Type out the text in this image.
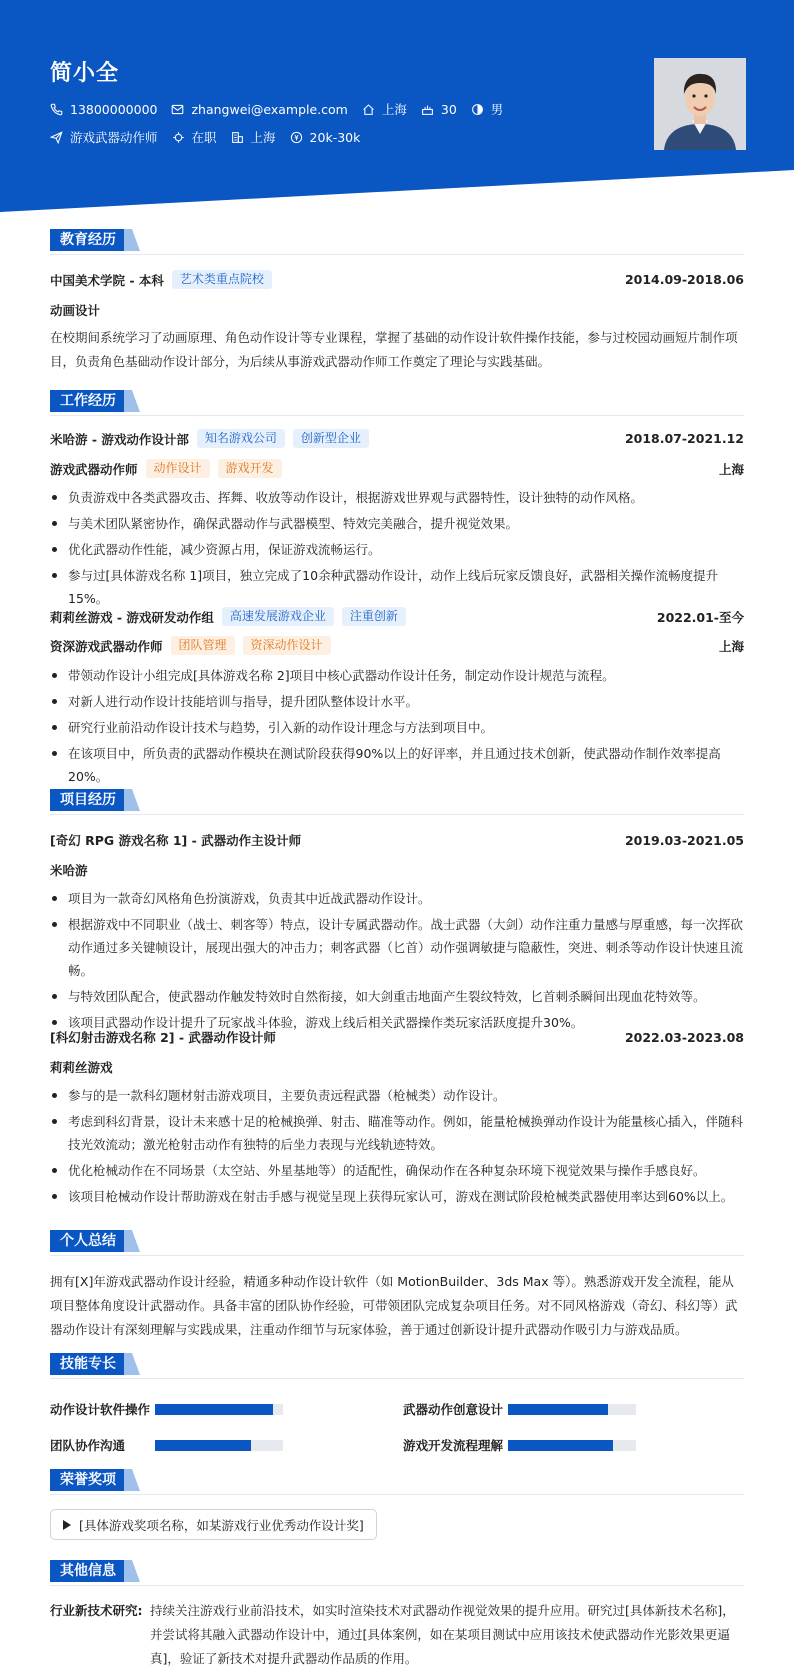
简小全
13800000000	zhangwei@example.com	上海	30	男
游戏武器动作师	在职	上海	20k-30k
教育经历
中国美术学院 - 本科	艺术类重点院校	2014.09-2018.06
动画设计
在校期间系统学习了动画原理、角色动作设计等专业课程，掌握了基础的动作设计软件操作技能，参与过校园动画短片制作项目，负责角色基础动作设计部分，为后续从事游戏武器动作师工作奠定了理论与实践基础。
工作经历
米哈游 - 游戏动作设计部	知名游戏公司	创新型企业	2018.07-2021.12
游戏武器动作师	动作设计	游戏开发	上海
负责游戏中各类武器攻击、挥舞、收放等动作设计，根据游戏世界观与武器特性，设计独特的动作风格。
与美术团队紧密协作，确保武器动作与武器模型、特效完美融合，提升视觉效果。
优化武器动作性能，减少资源占用，保证游戏流畅运行。
参与过[具体游戏名称 1]项目，独立完成了10余种武器动作设计，动作上线后玩家反馈良好，武器相关操作流畅度提升15%。
莉莉丝游戏 - 游戏研发动作组	高速发展游戏企业	注重创新	2022.01-至今
资深游戏武器动作师	团队管理	资深动作设计	上海
带领动作设计小组完成[具体游戏名称 2]项目中核心武器动作设计任务，制定动作设计规范与流程。
对新人进行动作设计技能培训与指导，提升团队整体设计水平。
研究行业前沿动作设计技术与趋势，引入新的动作设计理念与方法到项目中。
在该项目中，所负责的武器动作模块在测试阶段获得90%以上的好评率，并且通过技术创新，使武器动作制作效率提高20%。
项目经历
[奇幻 RPG 游戏名称 1] - 武器动作主设计师	2019.03-2021.05
米哈游
项目为一款奇幻风格角色扮演游戏，负责其中近战武器动作设计。
根据游戏中不同职业（战士、刺客等）特点，设计专属武器动作。战士武器（大剑）动作注重力量感与厚重感，每一次挥砍动作通过多关键帧设计，展现出强大的冲击力；刺客武器（匕首）动作强调敏捷与隐蔽性，突进、刺杀等动作设计快速且流畅。
与特效团队配合，使武器动作触发特效时自然衔接，如大剑重击地面产生裂纹特效，匕首刺杀瞬间出现血花特效等。
该项目武器动作设计提升了玩家战斗体验，游戏上线后相关武器操作类玩家活跃度提升30%。
[科幻射击游戏名称 2] - 武器动作设计师	2022.03-2023.08
莉莉丝游戏
参与的是一款科幻题材射击游戏项目，主要负责远程武器（枪械类）动作设计。
考虑到科幻背景，设计未来感十足的枪械换弹、射击、瞄准等动作。例如，能量枪械换弹动作设计为能量核心插入，伴随科技光效流动；激光枪射击动作有独特的后坐力表现与光线轨迹特效。
优化枪械动作在不同场景（太空站、外星基地等）的适配性，确保动作在各种复杂环境下视觉效果与操作手感良好。
该项目枪械动作设计帮助游戏在射击手感与视觉呈现上获得玩家认可，游戏在测试阶段枪械类武器使用率达到60%以上。
个人总结
拥有[X]年游戏武器动作设计经验，精通多种动作设计软件（如 MotionBuilder、3ds Max 等）。熟悉游戏开发全流程，能从项目整体角度设计武器动作。具备丰富的团队协作经验，可带领团队完成复杂项目任务。对不同风格游戏（奇幻、科幻等）武器动作设计有深刻理解与实践成果，注重动作细节与玩家体验，善于通过创新设计提升武器动作吸引力与游戏品质。
技能专长
动作设计软件操作	武器动作创意设计
团队协作沟通	游戏开发流程理解
荣誉奖项
[具体游戏奖项名称，如某游戏行业优秀动作设计奖]
其他信息
行业新技术研究: 持续关注游戏行业前沿技术，如实时渲染技术对武器动作视觉效果的提升应用。研究过[具体新技术名称]，并尝试将其融入武器动作设计中，通过[具体案例，如在某项目测试中应用该技术使武器动作光影效果更逼真]，验证了新技术对提升武器动作品质的作用。
